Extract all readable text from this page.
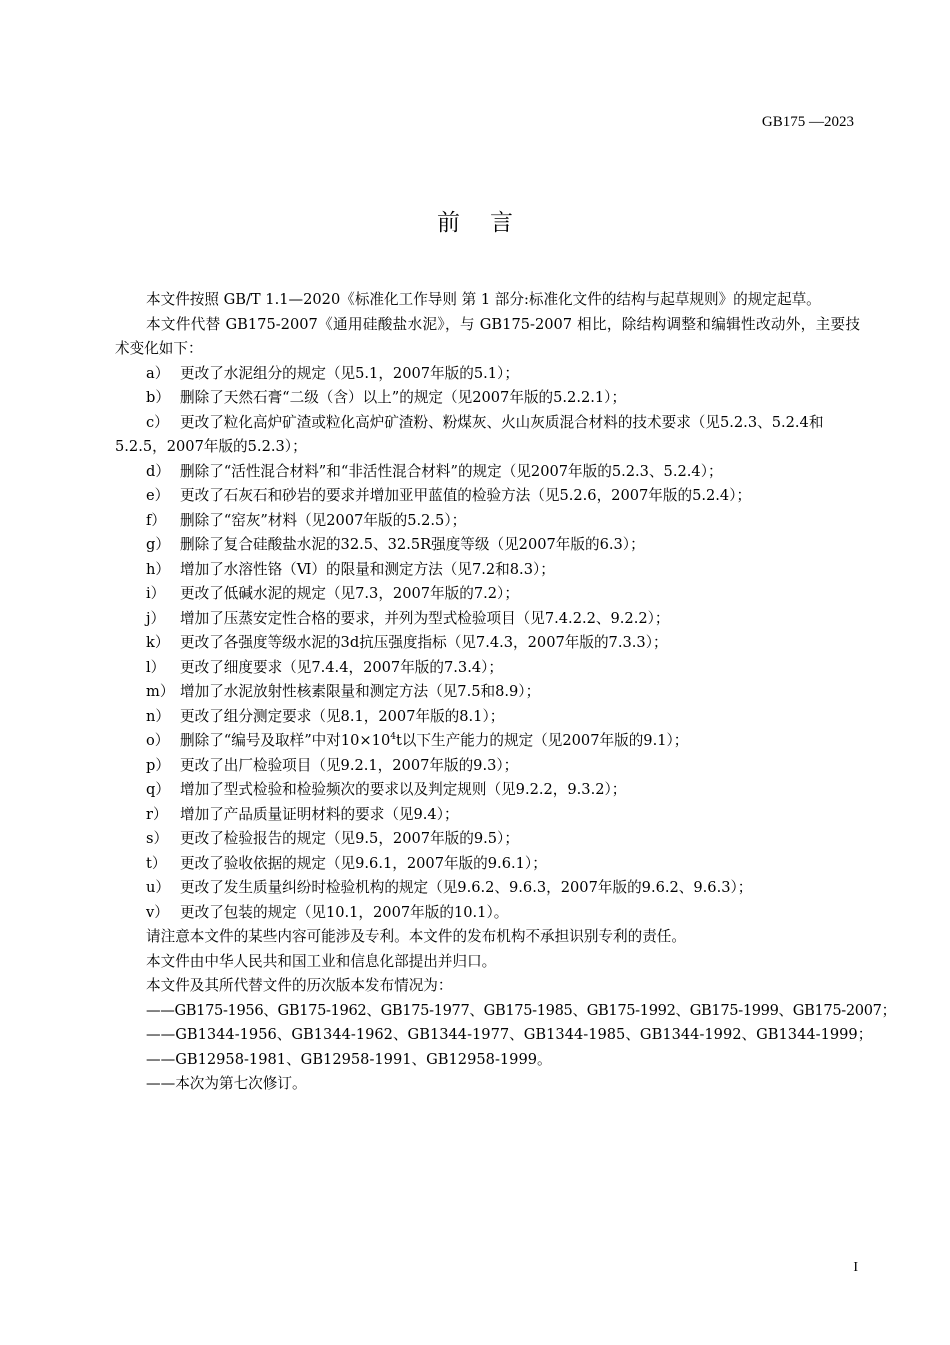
GB175 —2023
前言

本文件按照 GB/T 1.1—2020《标准化工作导则 第 1 部分:标准化文件的结构与起草规则》的规定起草。

本文件代替 GB175-2007《通用硅酸盐水泥》，与 GB175-2007 相比，除结构调整和编辑性改动外，主要技术变化如下：

a） 更改了水泥组分的规定（见5.1，2007年版的5.1）；
b） 删除了天然石膏“二级（含）以上”的规定（见2007年版的5.2.2.1）；
c） 更改了粒化高炉矿渣或粒化高炉矿渣粉、粉煤灰、火山灰质混合材料的技术要求（见5.2.3、5.2.4和5.2.5，2007年版的5.2.3）；
d） 删除了“活性混合材料”和“非活性混合材料”的规定（见2007年版的5.2.3、5.2.4）；
e） 更改了石灰石和砂岩的要求并增加亚甲蓝值的检验方法（见5.2.6，2007年版的5.2.4）；
f） 删除了“窑灰”材料（见2007年版的5.2.5）；
g） 删除了复合硅酸盐水泥的32.5、32.5R强度等级（见2007年版的6.3）；
h） 增加了水溶性铬（Ⅵ）的限量和测定方法（见7.2和8.3）；
i） 更改了低碱水泥的规定（见7.3，2007年版的7.2）；
j） 增加了压蒸安定性合格的要求，并列为型式检验项目（见7.4.2.2、9.2.2）；
k） 更改了各强度等级水泥的3d抗压强度指标（见7.4.3，2007年版的7.3.3）；
l） 更改了细度要求（见7.4.4，2007年版的7.3.4）；
m） 增加了水泥放射性核素限量和测定方法（见7.5和8.9）；
n） 更改了组分测定要求（见8.1，2007年版的8.1）；
o） 删除了“编号及取样”中对$10\times 10^4t$以下生产能力的规定（见2007年版的9.1）；
p） 更改了出厂检验项目（见9.2.1，2007年版的9.3）；
q） 增加了型式检验和检验频次的要求以及判定规则（见9.2.2，9.3.2）；
r） 增加了产品质量证明材料的要求（见9.4）；
s） 更改了检验报告的规定（见9.5，2007年版的9.5）；
t） 更改了验收依据的规定（见9.6.1，2007年版的9.6.1）；
u） 更改了发生质量纠纷时检验机构的规定（见9.6.2、9.6.3，2007年版的9.6.2、9.6.3）；
v） 更改了包装的规定（见10.1，2007年版的10.1）。

请注意本文件的某些内容可能涉及专利。本文件的发布机构不承担识别专利的责任。

本文件由中华人民共和国工业和信息化部提出并归口。

本文件及其所代替文件的历次版本发布情况为：

——GB175-1956、GB175-1962、GB175-1977、GB175-1985、GB175-1992、GB175-1999、GB175-2007；

——GB1344-1956、GB1344-1962、GB1344-1977、GB1344-1985、GB1344-1992、GB1344-1999；

——GB12958-1981、GB12958-1991、GB12958-1999。

——本次为第七次修订。

I
